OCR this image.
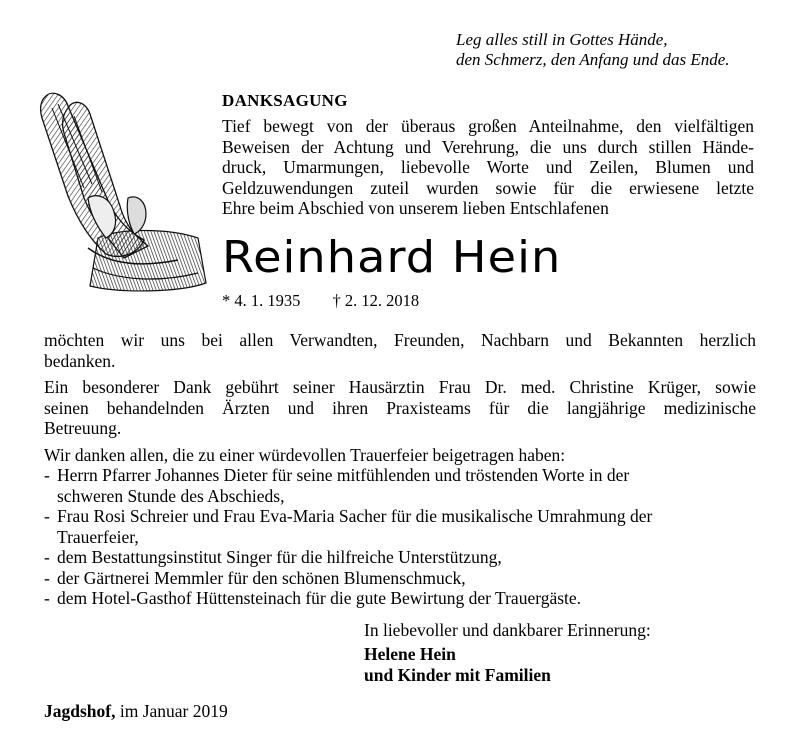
Leg alles still in Gottes Hände,
den Schmerz, den Anfang und das Ende.
DANKSAGUNG
Tief bewegt von der überaus großen Anteilnahme, den vielfältigen
Beweisen der Achtung und Verehrung, die uns durch stillen Hände-
druck, Umarmungen, liebevolle Worte und Zeilen, Blumen und
Geldzuwendungen zuteil wurden sowie für die erwiesene letzte
Ehre beim Abschied von unserem lieben Entschlafenen
Reinhard Hein
* 4. 1. 1935 † 2. 12. 2018

möchten wir uns bei allen Verwandten, Freunden, Nachbarn und Bekannten herzlich
bedanken.

Ein besonderer Dank gebührt seiner Hausärztin Frau Dr. med. Christine Krüger, sowie
seinen behandelnden Ärzten und ihren Praxisteams für die langjährige medizinische
Betreuung.

Wir danken allen, die zu einer würdevollen Trauerfeier beigetragen haben:
- Herrn Pfarrer Johannes Dieter für seine mitfühlenden und tröstenden Worte in der
schweren Stunde des Abschieds,
- Frau Rosi Schreier und Frau Eva-Maria Sacher für die musikalische Umrahmung der
Trauerfeier,
- dem Bestattungsinstitut Singer für die hilfreiche Unterstützung,
- der Gärtnerei Memmler für den schönen Blumenschmuck,
- dem Hotel-Gasthof Hüttensteinach für die gute Bewirtung der Trauergäste.
In liebevoller und dankbarer Erinnerung:
Helene Hein
und Kinder mit Familien
Jagdshof, im Januar 2019
